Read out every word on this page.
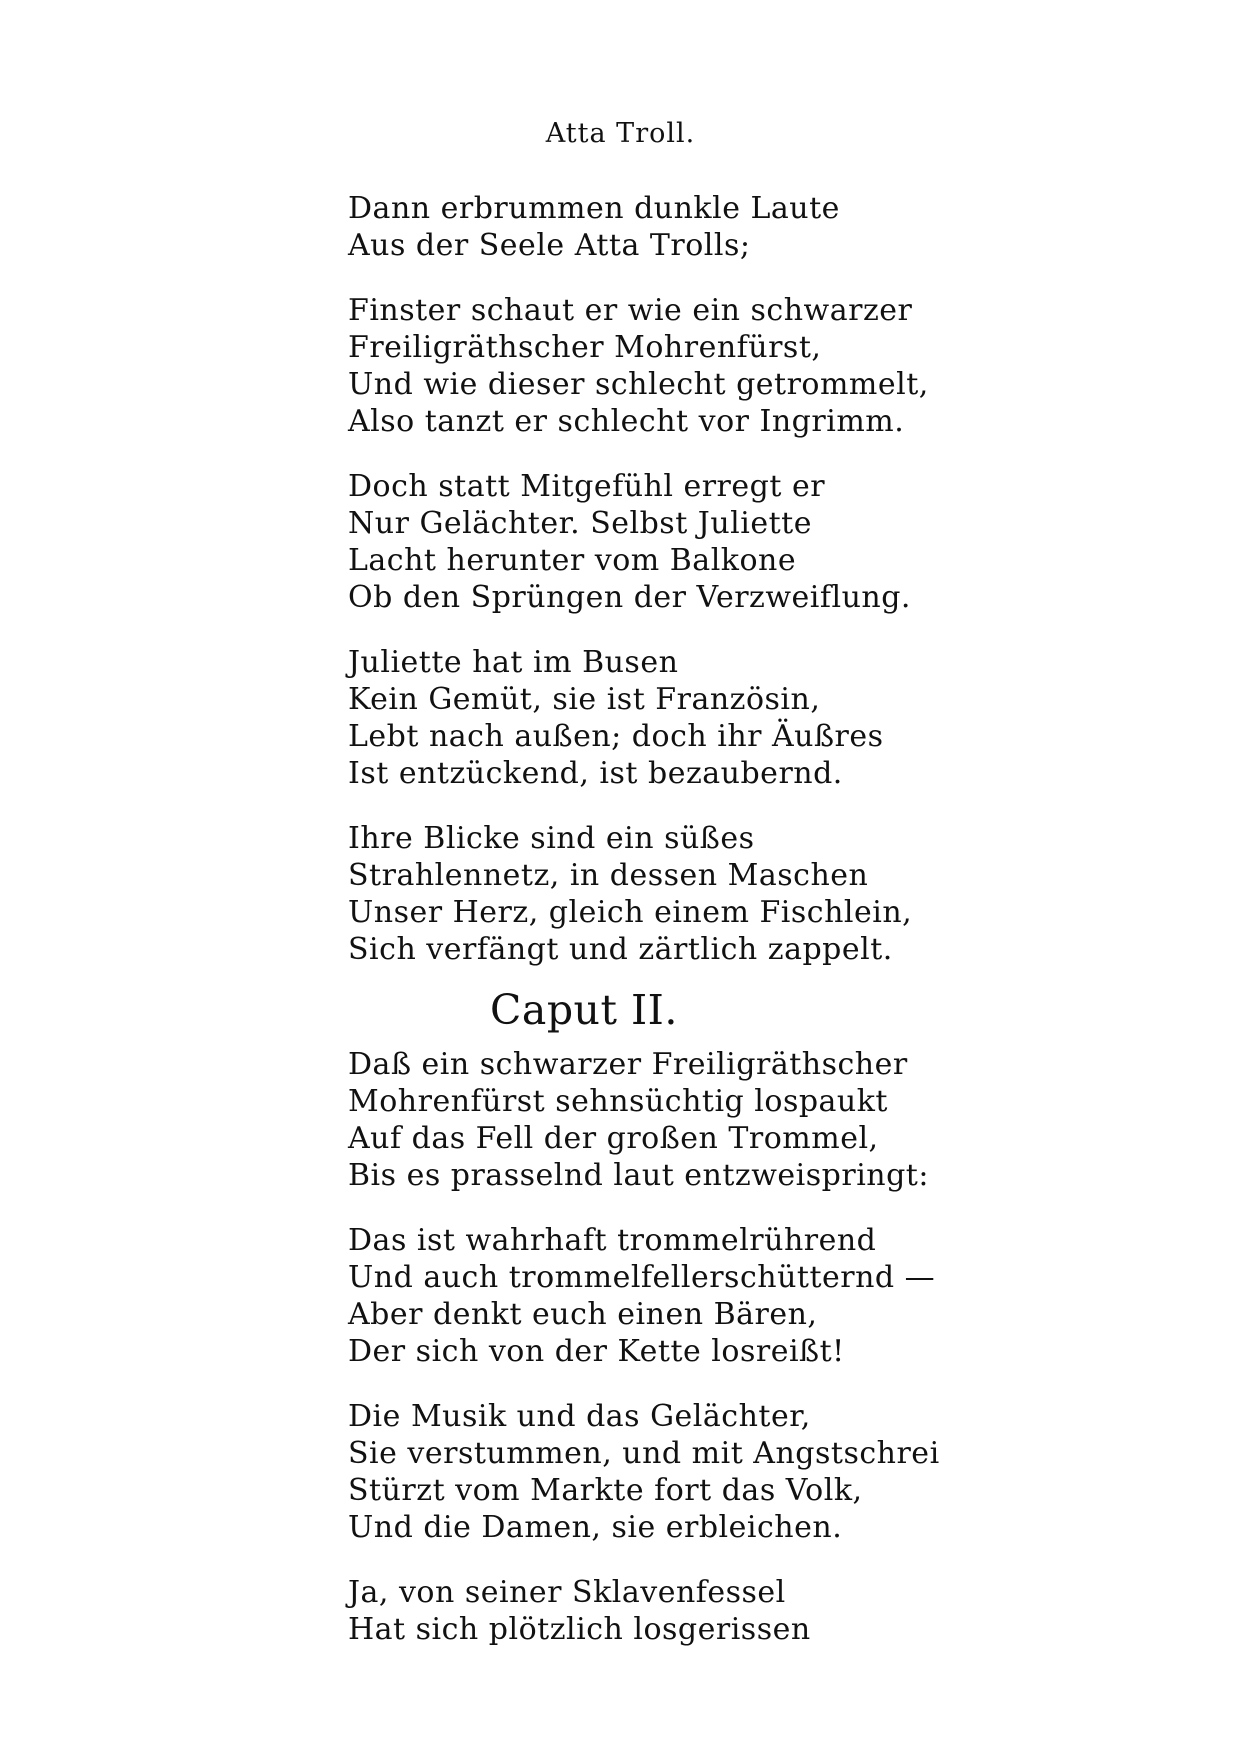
Atta Troll.
Dann erbrummen dunkle Laute
Aus der Seele Atta Trolls;
Finster schaut er wie ein schwarzer
Freiligräthscher Mohrenfürst,
Und wie dieser schlecht getrommelt,
Also tanzt er schlecht vor Ingrimm.
Doch statt Mitgefühl erregt er
Nur Gelächter. Selbst Juliette
Lacht herunter vom Balkone
Ob den Sprüngen der Verzweiflung.
Juliette hat im Busen
Kein Gemüt, sie ist Französin,
Lebt nach außen; doch ihr Äußres
Ist entzückend, ist bezaubernd.
Ihre Blicke sind ein süßes
Strahlennetz, in dessen Maschen
Unser Herz, gleich einem Fischlein,
Sich verfängt und zärtlich zappelt.
Caput II.
Daß ein schwarzer Freiligräthscher
Mohrenfürst sehnsüchtig lospaukt
Auf das Fell der großen Trommel,
Bis es prasselnd laut entzweispringt:
Das ist wahrhaft trommelrührend
Und auch trommelfellerschütternd —
Aber denkt euch einen Bären,
Der sich von der Kette losreißt!
Die Musik und das Gelächter,
Sie verstummen, und mit Angstschrei
Stürzt vom Markte fort das Volk,
Und die Damen, sie erbleichen.
Ja, von seiner Sklavenfessel
Hat sich plötzlich losgerissen
